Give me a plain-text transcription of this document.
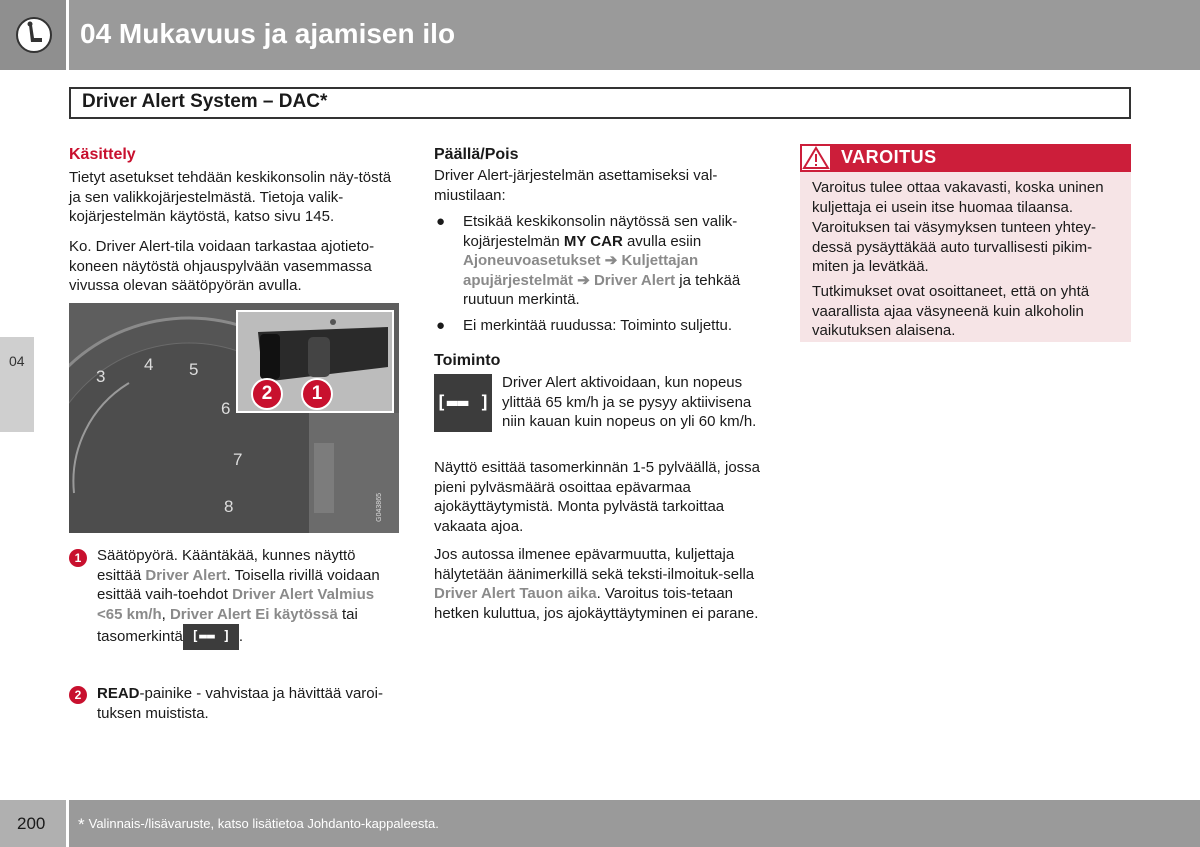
04 Mukavuus ja ajamisen ilo
Driver Alert System – DAC*
04
Käsittely
Tietyt asetukset tehdään keskikonsolin näy-töstä ja sen valikkojärjestelmästä. Tietoja valik-kojärjestelmän käytöstä, katso sivu 145.
Ko. Driver Alert-tila voidaan tarkastaa ajotieto-koneen näytöstä ohjauspylvään vasemmassa vivussa olevan säätöpyörän avulla.
3
4 5
6
7
8
2	1
G043865
1	Säätöpyörä. Kääntäkää, kunnes näyttö esittää Driver Alert. Toisella rivillä voidaan esittää vaih-toehdot Driver Alert Valmius <65 km/h, Driver Alert Ei käytössä tai tasomerkintä [▬▬ ] .
2	READ-painike - vahvistaa ja hävittää varoi-tuksen muistista.
Päällä/Pois
Driver Alert-järjestelmän asettamiseksi val-miustilaan:
● Etsikää keskikonsolin näytössä sen valik-kojärjestelmän MY CAR avulla esiin Ajoneuvoasetukset ➔ Kuljettajan apujärjestelmät ➔ Driver Alert ja tehkää ruutuun merkintä.
● Ei merkintää ruudussa: Toiminto suljettu.
Toiminto
[▬▬ ]
Driver Alert aktivoidaan, kun nopeus ylittää 65 km/h ja se pysyy aktiivisena niin kauan kuin nopeus on yli 60 km/h.
Näyttö esittää tasomerkinnän 1-5 pylväällä, jossa pieni pylväsmäärä osoittaa epävarmaa ajokäyttäytymistä. Monta pylvästä tarkoittaa vakaata ajoa.
Jos autossa ilmenee epävarmuutta, kuljettaja hälytetään äänimerkillä sekä teksti-ilmoituk-sella Driver Alert Tauon aika. Varoitus tois-tetaan hetken kuluttua, jos ajokäyttäytyminen ei parane.
VAROITUS
Varoitus tulee ottaa vakavasti, koska uninen kuljettaja ei usein itse huomaa tilaansa.
Varoituksen tai väsymyksen tunteen yhtey-dessä pysäyttäkää auto turvallisesti pikim-miten ja levätkää.
Tutkimukset ovat osoittaneet, että on yhtä vaarallista ajaa väsyneenä kuin alkoholin vaikutuksen alaisena.
200 * Valinnais-/lisävaruste, katso lisätietoa Johdanto-kappaleesta.
